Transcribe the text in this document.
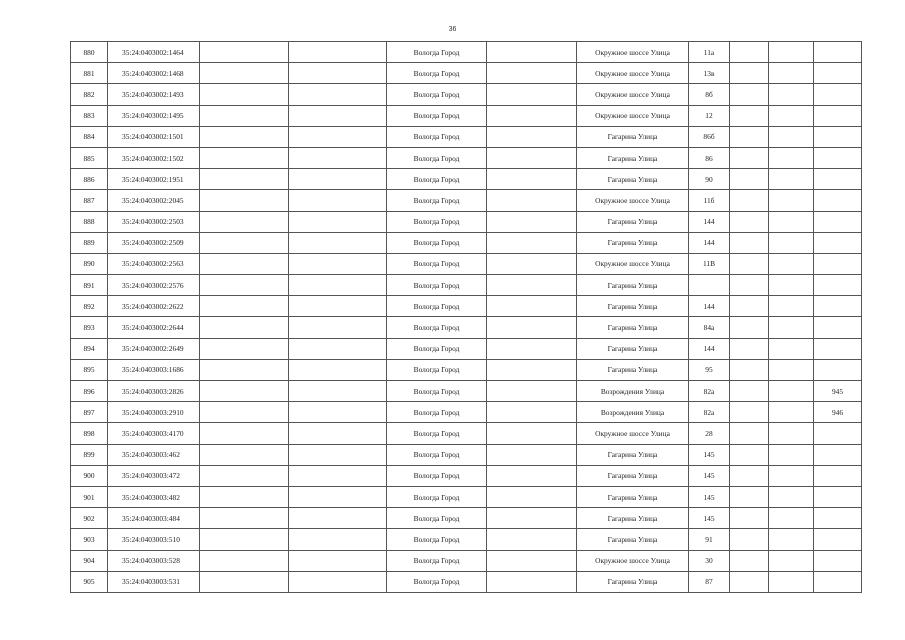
36
880	35:24:0403002:1464			Вологда Город		Окружное шоссе Улица	11а			
881	35:24:0403002:1468			Вологда Город		Окружное шоссе Улица	13в			
882	35:24:0403002:1493			Вологда Город		Окружное шоссе Улица	8б			
883	35:24:0403002:1495			Вологда Город		Окружное шоссе Улица	12			
884	35:24:0403002:1501			Вологда Город		Гагарина Улица	86б			
885	35:24:0403002:1502			Вологда Город		Гагарина Улица	86			
886	35:24:0403002:1951			Вологда Город		Гагарина Улица	90			
887	35:24:0403002:2045			Вологда Город		Окружное шоссе Улица	11б			
888	35:24:0403002:2503			Вологда Город		Гагарина Улица	144			
889	35:24:0403002:2509			Вологда Город		Гагарина Улица	144			
890	35:24:0403002:2563			Вологда Город		Окружное шоссе Улица	11В			
891	35:24:0403002:2576			Вологда Город		Гагарина Улица				
892	35:24:0403002:2622			Вологда Город		Гагарина Улица	144			
893	35:24:0403002:2644			Вологда Город		Гагарина Улица	84а			
894	35:24:0403002:2649			Вологда Город		Гагарина Улица	144			
895	35:24:0403003:1686			Вологда Город		Гагарина Улица	95			
896	35:24:0403003:2826			Вологда Город		Возрождения Улица	82а			945
897	35:24:0403003:2910			Вологда Город		Возрождения Улица	82а			946
898	35:24:0403003:4170			Вологда Город		Окружное шоссе Улица	28			
899	35:24:0403003:462			Вологда Город		Гагарина Улица	145			
900	35:24:0403003:472			Вологда Город		Гагарина Улица	145			
901	35:24:0403003:482			Вологда Город		Гагарина Улица	145			
902	35:24:0403003:484			Вологда Город		Гагарина Улица	145			
903	35:24:0403003:510			Вологда Город		Гагарина Улица	91			
904	35:24:0403003:528			Вологда Город		Окружное шоссе Улица	30			
905	35:24:0403003:531			Вологда Город		Гагарина Улица	87			
